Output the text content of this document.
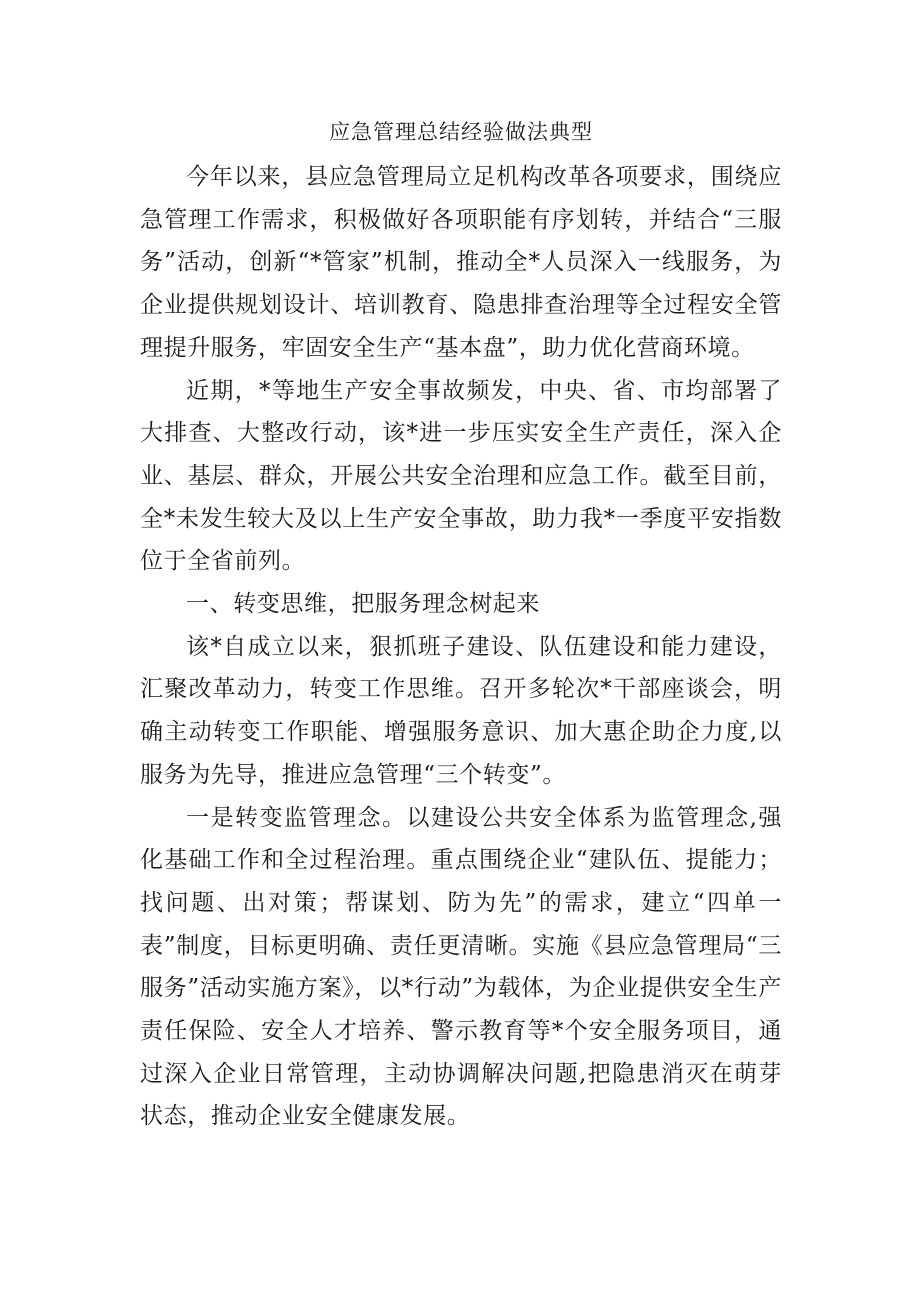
应急管理总结经验做法典型

今年以来，县应急管理局立足机构改革各项要求，围绕应急管理工作需求，积极做好各项职能有序划转，并结合“三服务”活动，创新“*管家”机制，推动全*人员深入一线服务，为企业提供规划设计、培训教育、隐患排查治理等全过程安全管理提升服务，牢固安全生产“基本盘”，助力优化营商环境。

近期，*等地生产安全事故频发，中央、省、市均部署了大排查、大整改行动，该*进一步压实安全生产责任，深入企业、基层、群众，开展公共安全治理和应急工作。截至目前，全*未发生较大及以上生产安全事故，助力我*一季度平安指数位于全省前列。

一、转变思维，把服务理念树起来

该*自成立以来，狠抓班子建设、队伍建设和能力建设，汇聚改革动力，转变工作思维。召开多轮次*干部座谈会，明确主动转变工作职能、增强服务意识、加大惠企助企力度,以服务为先导，推进应急管理“三个转变”。

一是转变监管理念。以建设公共安全体系为监管理念,强化基础工作和全过程治理。重点围绕企业“建队伍、提能力；找问题、出对策；帮谋划、防为先”的需求，建立“四单一表”制度，目标更明确、责任更清晰。实施《县应急管理局“三服务”活动实施方案》，以*行动”为载体，为企业提供安全生产责任保险、安全人才培养、警示教育等*个安全服务项目，通过深入企业日常管理，主动协调解决问题,把隐患消灭在萌芽状态，推动企业安全健康发展。
